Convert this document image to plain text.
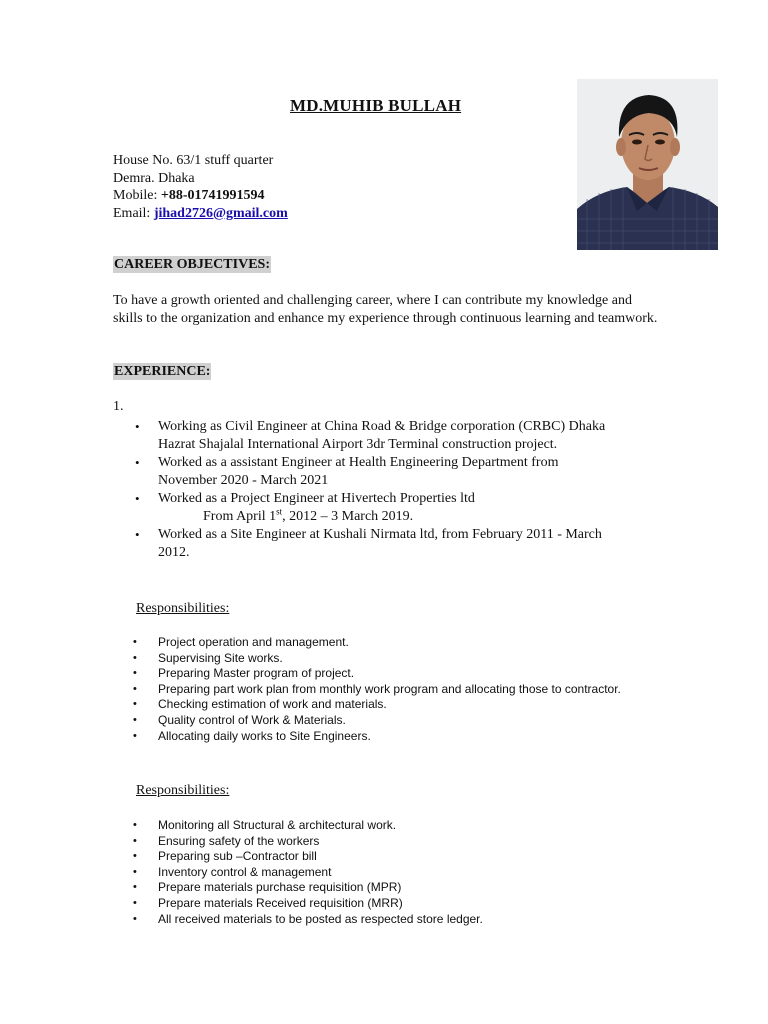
MD.MUHIB BULLAH
House No. 63/1 stuff quarter
Demra. Dhaka
Mobile: +88-01741991594
Email: jihad2726@gmail.com
CAREER OBJECTIVES:
To have a growth oriented and challenging career, where I can contribute my knowledge and skills to the organization and enhance my experience through continuous learning and teamwork.
EXPERIENCE:
1.
• Working as Civil Engineer at China Road & Bridge corporation (CRBC) Dhaka
Hazrat Shajalal International Airport 3dr Terminal construction project.
• Worked as a assistant Engineer at Health Engineering Department from
November 2020 - March 2021
• Worked as a Project Engineer at Hivertech Properties ltd
From April 1st, 2012 – 3 March 2019.
• Worked as a Site Engineer at Kushali Nirmata ltd, from February 2011 - March
2012.
Responsibilities:
• Project operation and management.
• Supervising Site works.
• Preparing Master program of project.
• Preparing part work plan from monthly work program and allocating those to contractor.
• Checking estimation of work and materials.
• Quality control of Work & Materials.
• Allocating daily works to Site Engineers.
Responsibilities:
• Monitoring all Structural & architectural work.
• Ensuring safety of the workers
• Preparing sub –Contractor bill
• Inventory control & management
• Prepare materials purchase requisition (MPR)
• Prepare materials Received requisition (MRR)
• All received materials to be posted as respected store ledger.
